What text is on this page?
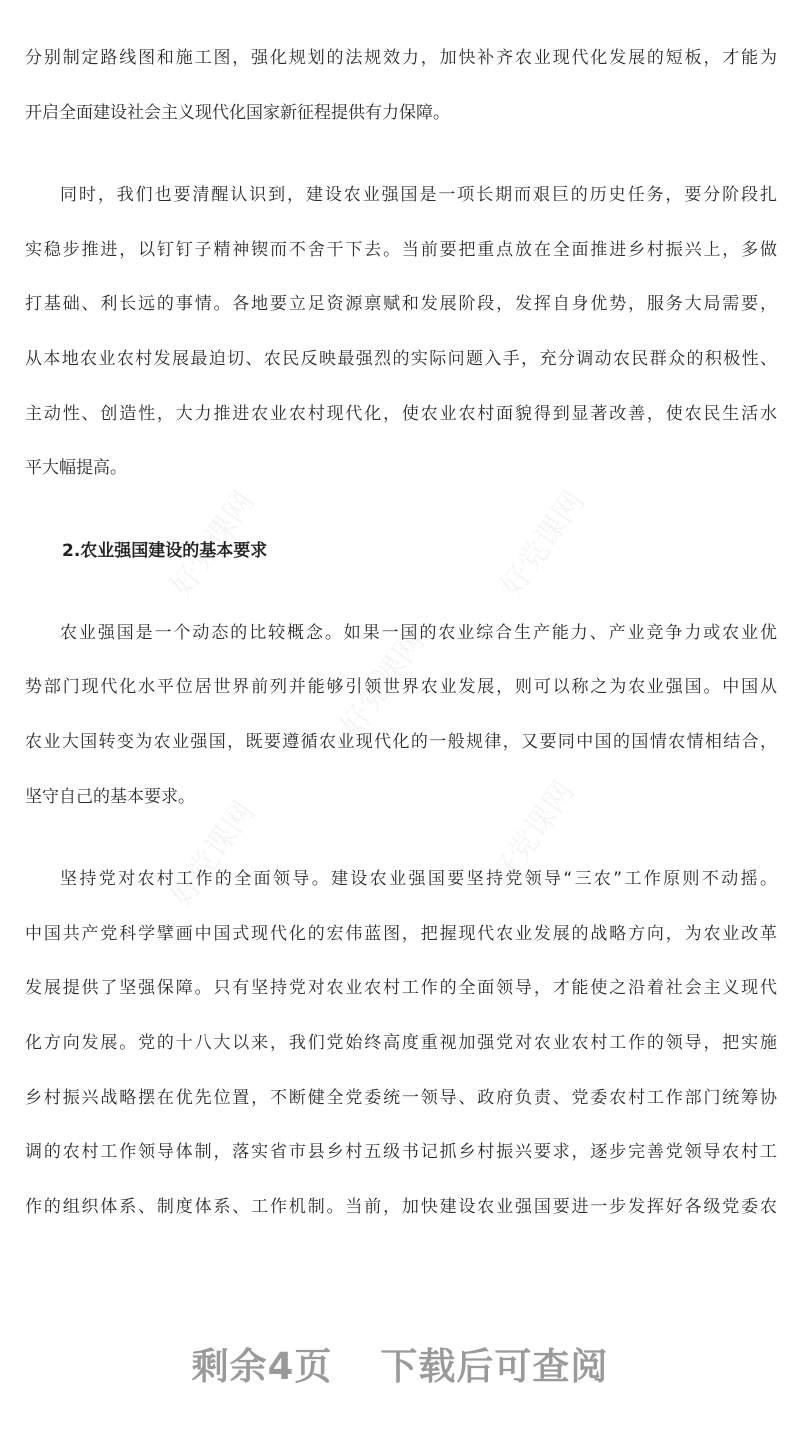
分别制定路线图和施工图，强化规划的法规效力，加快补齐农业现代化发展的短板，才能为
开启全面建设社会主义现代化国家新征程提供有力保障。
同时，我们也要清醒认识到，建设农业强国是一项长期而艰巨的历史任务，要分阶段扎
实稳步推进，以钉钉子精神锲而不舍干下去。当前要把重点放在全面推进乡村振兴上，多做
打基础、利长远的事情。各地要立足资源禀赋和发展阶段，发挥自身优势，服务大局需要，
从本地农业农村发展最迫切、农民反映最强烈的实际问题入手，充分调动农民群众的积极性、
主动性、创造性，大力推进农业农村现代化，使农业农村面貌得到显著改善，使农民生活水
平大幅提高。
2.农业强国建设的基本要求
农业强国是一个动态的比较概念。如果一国的农业综合生产能力、产业竞争力或农业优
势部门现代化水平位居世界前列并能够引领世界农业发展，则可以称之为农业强国。中国从
农业大国转变为农业强国，既要遵循农业现代化的一般规律，又要同中国的国情农情相结合，
坚守自己的基本要求。
坚持党对农村工作的全面领导。建设农业强国要坚持党领导“三农”工作原则不动摇。
中国共产党科学擘画中国式现代化的宏伟蓝图，把握现代农业发展的战略方向，为农业改革
发展提供了坚强保障。只有坚持党对农业农村工作的全面领导，才能使之沿着社会主义现代
化方向发展。党的十八大以来，我们党始终高度重视加强党对农业农村工作的领导，把实施
乡村振兴战略摆在优先位置，不断健全党委统一领导、政府负责、党委农村工作部门统筹协
调的农村工作领导体制，落实省市县乡村五级书记抓乡村振兴要求，逐步完善党领导农村工
作的组织体系、制度体系、工作机制。当前，加快建设农业强国要进一步发挥好各级党委农
剩余4页 下载后可查阅
